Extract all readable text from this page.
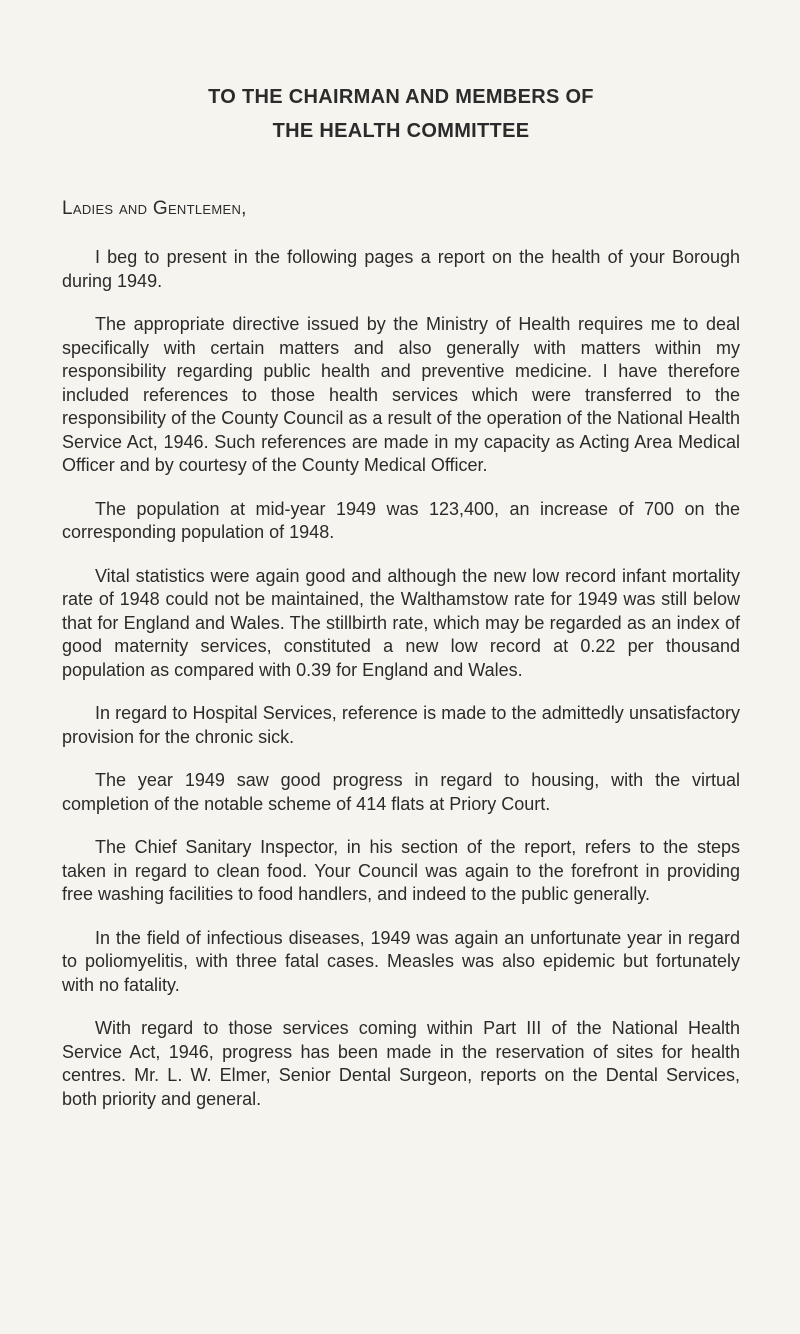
TO THE CHAIRMAN AND MEMBERS OF
THE HEALTH COMMITTEE
Ladies and Gentlemen,

I beg to present in the following pages a report on the health of your Borough during 1949.

The appropriate directive issued by the Ministry of Health requires me to deal specifically with certain matters and also generally with matters within my responsibility regarding public health and preventive medicine. I have therefore included references to those health services which were transferred to the responsibility of the County Council as a result of the operation of the National Health Service Act, 1946. Such references are made in my capacity as Acting Area Medical Officer and by courtesy of the County Medical Officer.

The population at mid-year 1949 was 123,400, an increase of 700 on the corresponding population of 1948.

Vital statistics were again good and although the new low record infant mortality rate of 1948 could not be maintained, the Walthamstow rate for 1949 was still below that for England and Wales. The stillbirth rate, which may be regarded as an index of good maternity services, constituted a new low record at 0.22 per thousand population as compared with 0.39 for England and Wales.

In regard to Hospital Services, reference is made to the admittedly unsatisfactory provision for the chronic sick.

The year 1949 saw good progress in regard to housing, with the virtual completion of the notable scheme of 414 flats at Priory Court.

The Chief Sanitary Inspector, in his section of the report, refers to the steps taken in regard to clean food. Your Council was again to the forefront in providing free washing facilities to food handlers, and indeed to the public generally.

In the field of infectious diseases, 1949 was again an unfortunate year in regard to poliomyelitis, with three fatal cases. Measles was also epidemic but fortunately with no fatality.

With regard to those services coming within Part III of the National Health Service Act, 1946, progress has been made in the reservation of sites for health centres. Mr. L. W. Elmer, Senior Dental Surgeon, reports on the Dental Services, both priority and general.
